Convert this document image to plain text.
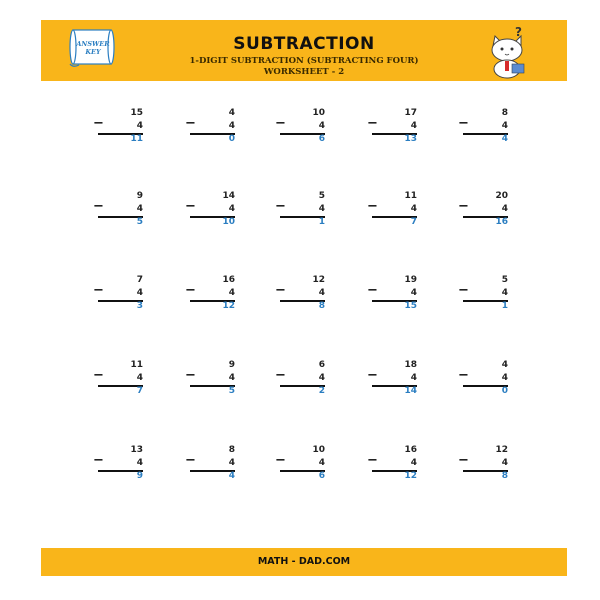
ANSWER
KEY	SUBTRACTION
1-DIGIT SUBTRACTION (SUBTRACTING FOUR)
WORKSHEET - 2
?
15
−	4
11
4
−	4
0
10
−	4
6
17
−	4
13
8
−	4
4
9
−	4
5
14
−	4
10
5
−	4
1
11
−	4
7
20
−	4
16
7
−	4
3
16
−	4
12
12
−	4
8
19
−	4
15
5
−	4
1
11
−	4
7
9
−	4
5
6
−	4
2
18
−	4
14
4
−	4
0
13
−	4
9
8
−	4
4
10
−	4
6
16
−	4
12
12
−	4
8
MATH - DAD.COM
